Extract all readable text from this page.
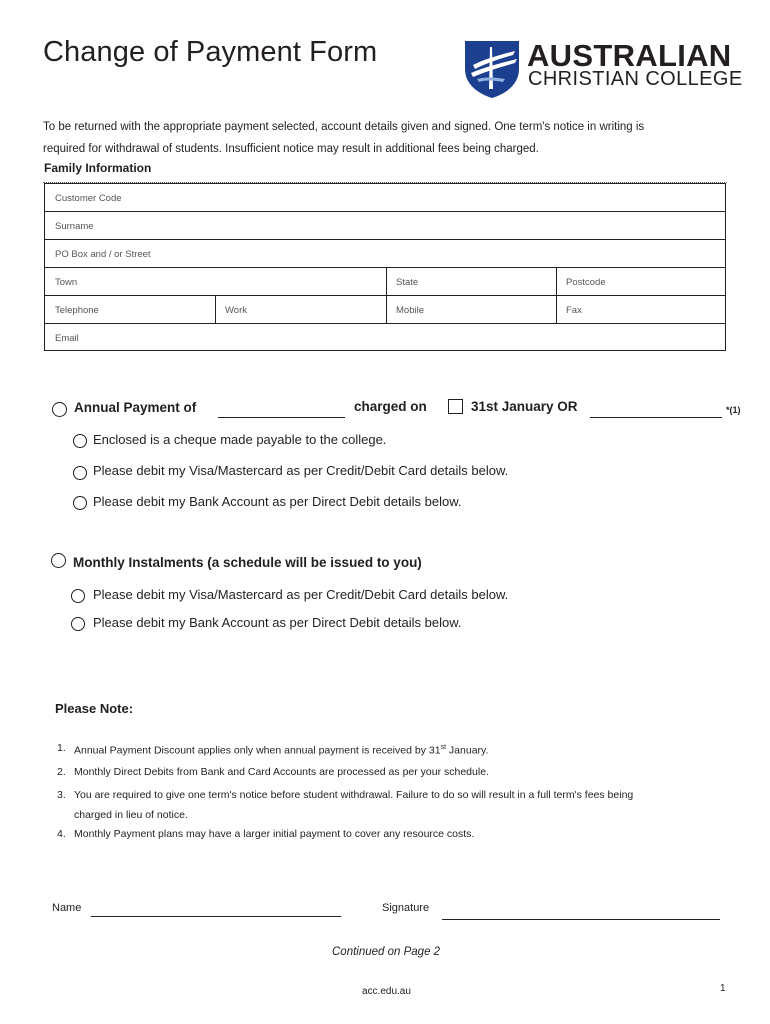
Change of Payment Form	AUSTRALIAN
CHRISTIAN COLLEGE
To be returned with the appropriate payment selected, account details given and signed. One term's notice in writing is
required for withdrawal of students. Insufficient notice may result in additional fees being charged.
Family Information
Customer Code
Surname
PO Box and / or Street
Town	State	Postcode
Telephone	Work	Mobile	Fax
Email
Annual Payment of	charged on	31st January OR	*(1)
Enclosed is a cheque made payable to the college.
Please debit my Visa/Mastercard as per Credit/Debit Card details below.
Please debit my Bank Account as per Direct Debit details below.
Monthly Instalments (a schedule will be issued to you)
Please debit my Visa/Mastercard as per Credit/Debit Card details below.
Please debit my Bank Account as per Direct Debit details below.
Please Note:
1. Annual Payment Discount applies only when annual payment is received by 31st January.
2. Monthly Direct Debits from Bank and Card Accounts are processed as per your schedule.
3. You are required to give one term's notice before student withdrawal. Failure to do so will result in a full term's fees being
charged in lieu of notice.
4. Monthly Payment plans may have a larger initial payment to cover any resource costs.
Name	Signature
Continued on Page 2
acc.edu.au	1
